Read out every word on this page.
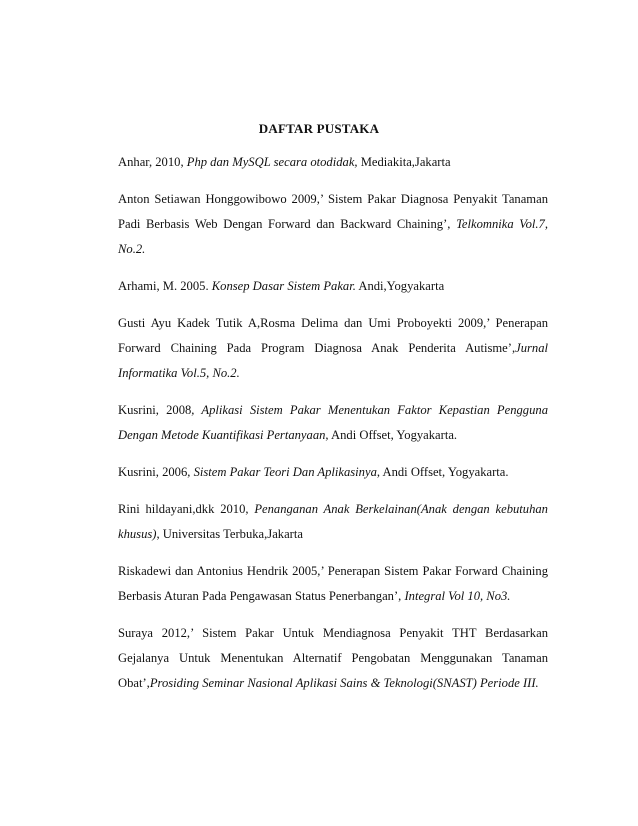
DAFTAR PUSTAKA

Anhar, 2010, Php dan MySQL secara otodidak, Mediakita,Jakarta

Anton Setiawan Honggowibowo 2009,’ Sistem Pakar Diagnosa Penyakit Tanaman Padi Berbasis Web Dengan Forward dan Backward Chaining’, Telkomnika Vol.7, No.2.

Arhami, M. 2005. Konsep Dasar Sistem Pakar. Andi,Yogyakarta

Gusti Ayu Kadek Tutik A,Rosma Delima dan Umi Proboyekti 2009,’ Penerapan Forward Chaining Pada Program Diagnosa Anak Penderita Autisme’,Jurnal Informatika Vol.5, No.2.

Kusrini, 2008, Aplikasi Sistem Pakar Menentukan Faktor Kepastian Pengguna Dengan Metode Kuantifikasi Pertanyaan, Andi Offset, Yogyakarta.

Kusrini, 2006, Sistem Pakar Teori Dan Aplikasinya, Andi Offset, Yogyakarta.

Rini hildayani,dkk 2010, Penanganan Anak Berkelainan(Anak dengan kebutuhan khusus), Universitas Terbuka,Jakarta

Riskadewi dan Antonius Hendrik 2005,’ Penerapan Sistem Pakar Forward Chaining Berbasis Aturan Pada Pengawasan Status Penerbangan’, Integral Vol 10, No3.

Suraya 2012,’ Sistem Pakar Untuk Mendiagnosa Penyakit THT Berdasarkan Gejalanya Untuk Menentukan Alternatif Pengobatan Menggunakan Tanaman Obat’,Prosiding Seminar Nasional Aplikasi Sains & Teknologi(SNAST) Periode III.
